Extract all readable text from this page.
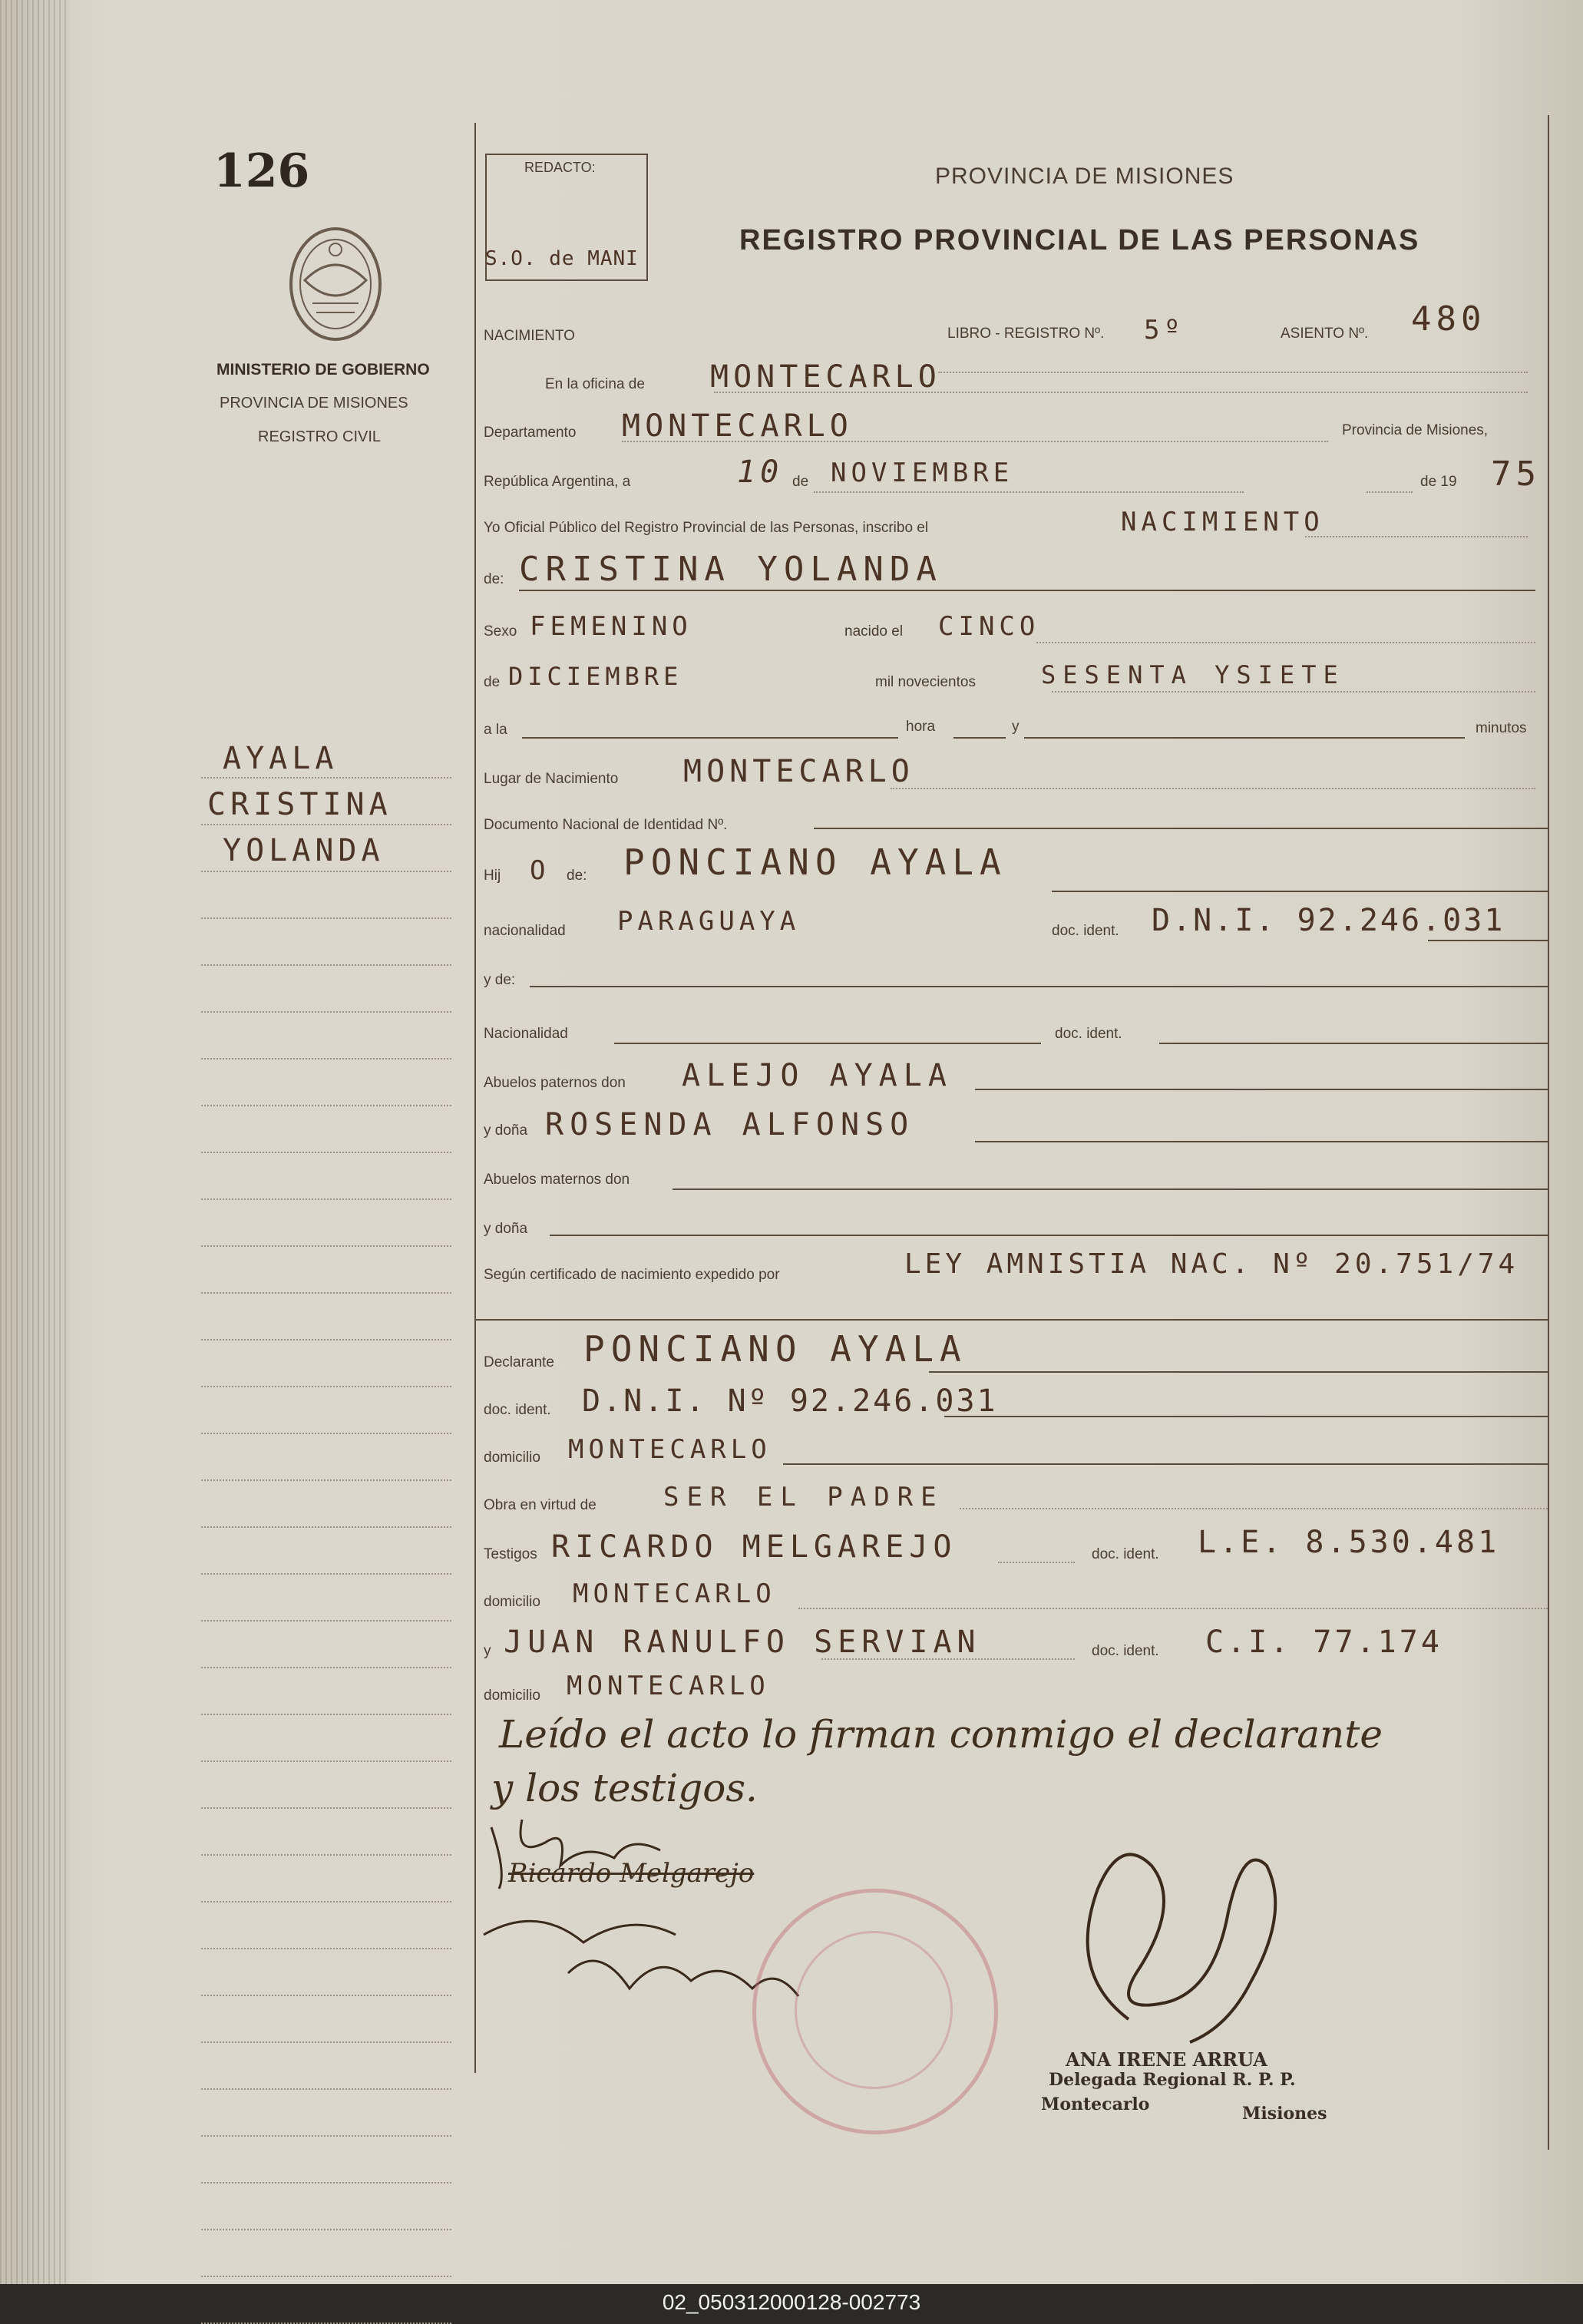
126
MINISTERIO DE GOBIERNO
PROVINCIA DE MISIONES
REGISTRO CIVIL
AYALA
CRISTINA
YOLANDA
REDACTO:
S.O. de MANI
PROVINCIA DE MISIONES
REGISTRO PROVINCIAL DE LAS PERSONAS
NACIMIENTO	LIBRO - REGISTRO Nº. 5º	ASIENTO Nº. 480
En la oficina de MONTECARLO
Departamento MONTECARLO	Provincia de Misiones,
República Argentina, a	10 de NOVIEMBRE	de 19 75
Yo Oficial Público del Registro Provincial de las Personas, inscribo el	NACIMIENTO
de: CRISTINA YOLANDA
Sexo FEMENINO	nacido el CINCO
de DICIEMBRE	mil novecientos	SESENTA YSIETE
a la	hora	y	minutos
Lugar de Nacimiento MONTECARLO
Documento Nacional de Identidad Nº.
Hij O de: PONCIANO AYALA
nacionalidad PARAGUAYA	doc. ident. D.N.I. 92.246.031
y de:
Nacionalidad	doc. ident.
Abuelos paternos don ALEJO AYALA
y doña ROSENDA ALFONSO
Abuelos maternos don
y doña
Según certificado de nacimiento expedido por	LEY AMNISTIA NAC. Nº 20.751/74
Declarante PONCIANO AYALA
doc. ident. D.N.I. Nº 92.246.031
domicilio MONTECARLO
Obra en virtud de	SER EL PADRE
Testigos RICARDO MELGAREJO	doc. ident. L.E. 8.530.481
domicilio MONTECARLO
y JUAN RANULFO SERVIAN	doc. ident. C.I. 77.174
domicilio MONTECARLO
Leído el acto lo firman conmigo el declarante
y los testigos.
Ricardo Melgarejo
ANA IRENE ARRUA
Delegada Regional R. P. P.
Montecarlo	Misiones
02_050312000128-002773
